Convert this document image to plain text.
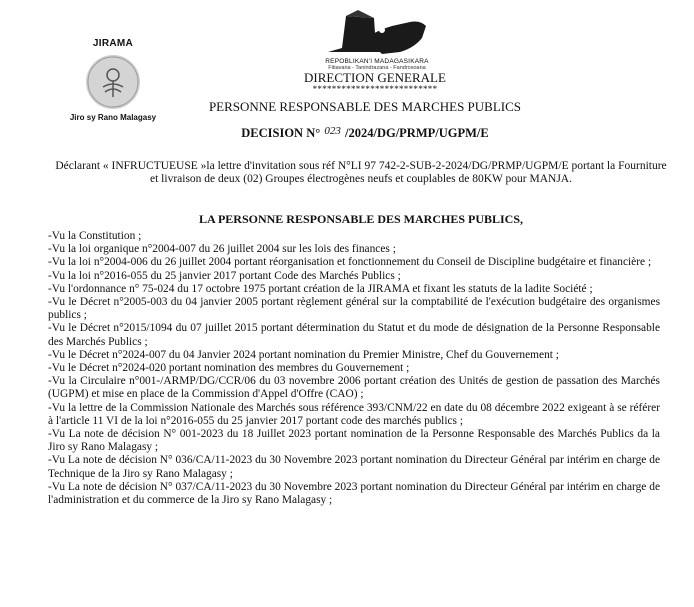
JIRAMA
Jiro sy Rano Malagasy
REPOBLIKAN'I MADAGASIKARA
Fitiavana - Tanindrazana - Fandrosoana
DIRECTION GENERALE
**************************
PERSONNE RESPONSABLE DES MARCHES PUBLICS
DECISION N° 023 /2024/DG/PRMP/UGPM/E
Déclarant « INFRUCTUEUSE »la lettre d'invitation sous réf N°LI 97 742-2-SUB-2-2024/DG/PRMP/UGPM/E portant la Fourniture et livraison de deux (02) Groupes électrogènes neufs et couplables de 80KW pour MANJA.
LA PERSONNE RESPONSABLE DES MARCHES PUBLICS,
-Vu la Constitution ;
-Vu la loi organique n°2004-007 du 26 juillet 2004 sur les lois des finances ;
-Vu la loi n°2004-006 du 26 juillet 2004 portant réorganisation et fonctionnement du Conseil de Discipline budgétaire et financière ;
-Vu la loi n°2016-055 du 25 janvier 2017 portant Code des Marchés Publics ;
-Vu l'ordonnance n° 75-024 du 17 octobre 1975 portant création de la JIRAMA et fixant les statuts de la ladite Société ;
-Vu le Décret n°2005-003 du 04 janvier 2005 portant règlement général sur la comptabilité de l'exécution budgétaire des organismes publics ;
-Vu le Décret n°2015/1094 du 07 juillet 2015 portant détermination du Statut et du mode de désignation de la Personne Responsable des Marchés Publics ;
-Vu le Décret n°2024-007 du 04 Janvier 2024 portant nomination du Premier Ministre, Chef du Gouvernement ;
-Vu le Décret n°2024-020 portant nomination des membres du Gouvernement ;
-Vu la Circulaire n°001-/ARMP/DG/CCR/06 du 03 novembre 2006 portant création des Unités de gestion de passation des Marchés (UGPM) et mise en place de la Commission d'Appel d'Offre (CAO) ;
-Vu la lettre de la Commission Nationale des Marchés sous référence 393/CNM/22 en date du 08 décembre 2022 exigeant à se référer à l'article 11 VI de la loi n°2016-055 du 25 janvier 2017 portant code des marchés publics ;
-Vu La note de décision N° 001-2023 du 18 Juillet 2023 portant nomination de la Personne Responsable des Marchés Publics da la Jiro sy Rano Malagasy ;
-Vu La note de décision N° 036/CA/11-2023 du 30 Novembre 2023 portant nomination du Directeur Général par intérim en charge de Technique de la Jiro sy Rano Malagasy ;
-Vu La note de décision N° 037/CA/11-2023 du 30 Novembre 2023 portant nomination du Directeur Général par intérim en charge de l'administration et du commerce de la Jiro sy Rano Malagasy ;
